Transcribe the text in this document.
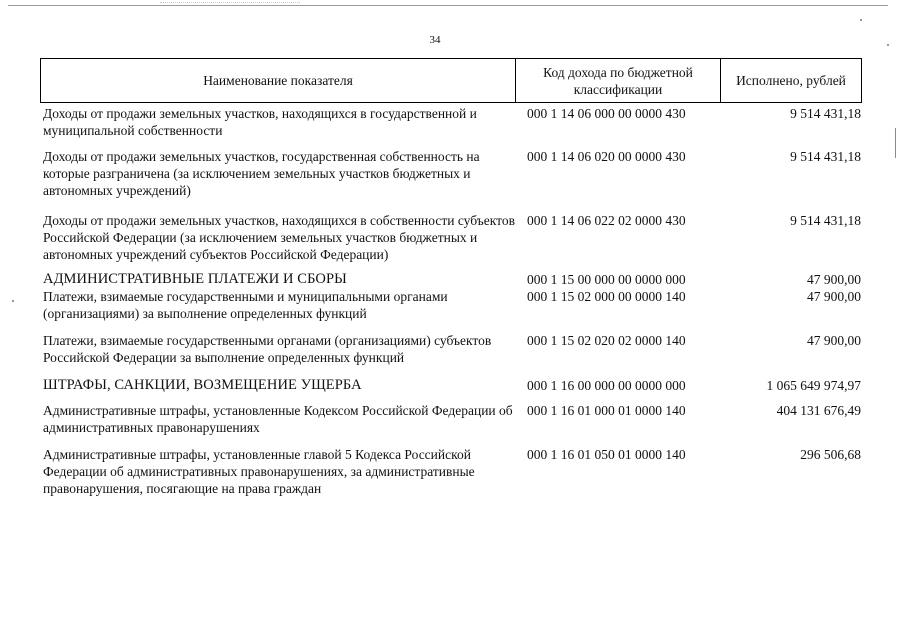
34
Наименование показателя
Код дохода по бюджетной классификации
Исполнено, рублей
Доходы от продажи земельных участков, находящихся в государственной и муниципальной собственности
000 1 14 06 000 00 0000 430	9 514 431,18
Доходы от продажи земельных участков, государственная собственность на которые разграничена (за исключением земельных участков бюджетных и автономных учреждений)
000 1 14 06 020 00 0000 430	9 514 431,18
Доходы от продажи земельных участков, находящихся в собственности субъектов Российской Федерации (за исключением земельных участков бюджетных и автономных учреждений субъектов Российской Федерации)
000 1 14 06 022 02 0000 430	9 514 431,18
АДМИНИСТРАТИВНЫЕ ПЛАТЕЖИ И СБОРЫ	000 1 15 00 000 00 0000 000	47 900,00
Платежи, взимаемые государственными и муниципальными органами (организациями) за выполнение определенных функций
000 1 15 02 000 00 0000 140	47 900,00
Платежи, взимаемые государственными органами (организациями) субъектов Российской Федерации за выполнение определенных функций
000 1 15 02 020 02 0000 140	47 900,00
ШТРАФЫ, САНКЦИИ, ВОЗМЕЩЕНИЕ УЩЕРБА	000 1 16 00 000 00 0000 000	1 065 649 974,97
Административные штрафы, установленные Кодексом Российской Федерации об административных правонарушениях
000 1 16 01 000 01 0000 140	404 131 676,49
Административные штрафы, установленные главой 5 Кодекса Российской Федерации об административных правонарушениях, за административные правонарушения, посягающие на права граждан
000 1 16 01 050 01 0000 140	296 506,68
